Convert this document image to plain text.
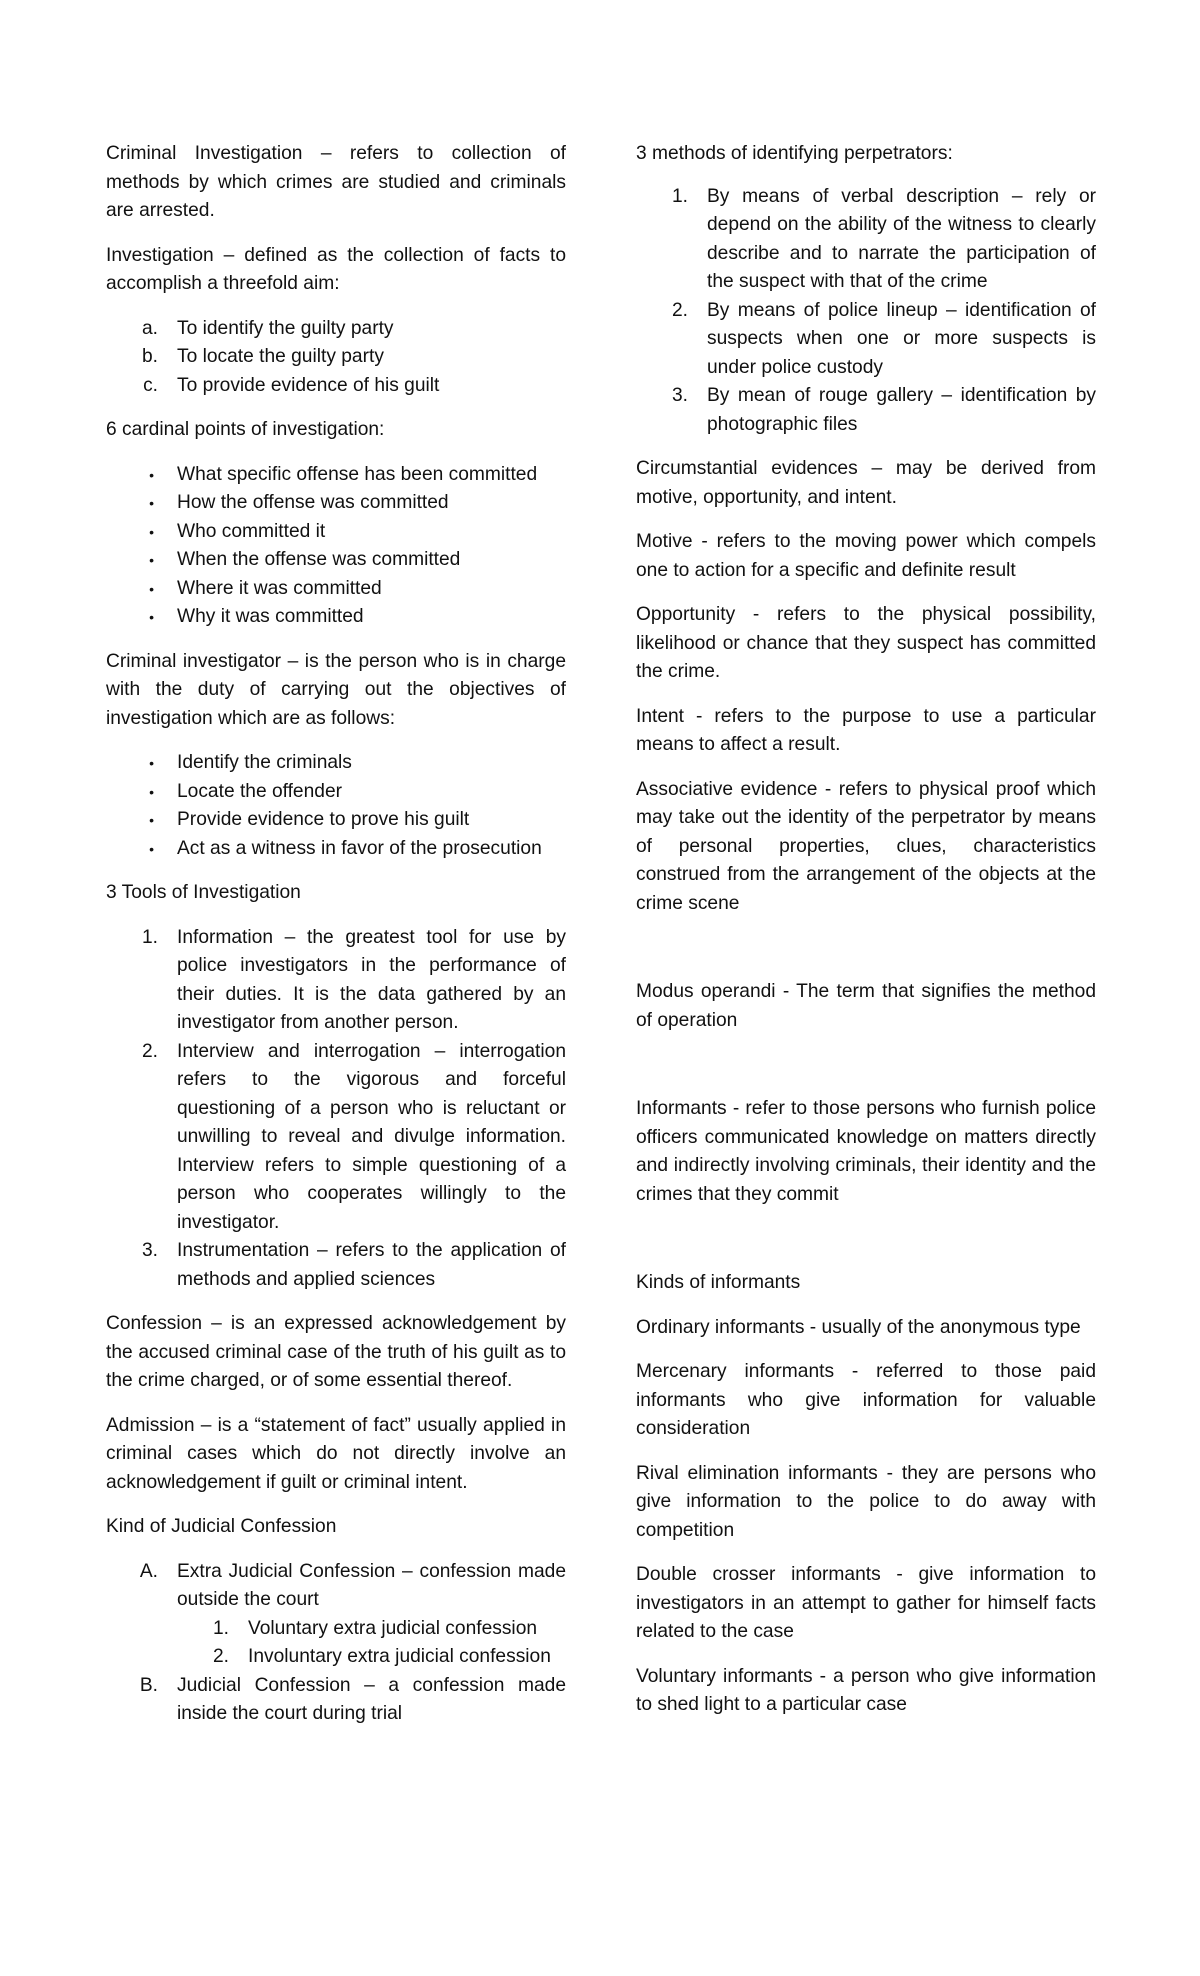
Criminal Investigation – refers to collection of methods by which crimes are studied and criminals are arrested.

Investigation – defined as the collection of facts to accomplish a threefold aim:

a. To identify the guilty party
b. To locate the guilty party
c. To provide evidence of his guilt

6 cardinal points of investigation:

• What specific offense has been committed
• How the offense was committed
• Who committed it
• When the offense was committed
• Where it was committed
• Why it was committed

Criminal investigator – is the person who is in charge with the duty of carrying out the objectives of investigation which are as follows:

• Identify the criminals
• Locate the offender
• Provide evidence to prove his guilt
• Act as a witness in favor of the prosecution

3 Tools of Investigation

1. Information – the greatest tool for use by police investigators in the performance of their duties. It is the data gathered by an investigator from another person.
2. Interview and interrogation – interrogation refers to the vigorous and forceful questioning of a person who is reluctant or unwilling to reveal and divulge information. Interview refers to simple questioning of a person who cooperates willingly to the investigator.
3. Instrumentation – refers to the application of methods and applied sciences

Confession – is an expressed acknowledgement by the accused criminal case of the truth of his guilt as to the crime charged, or of some essential thereof.

Admission – is a “statement of fact” usually applied in criminal cases which do not directly involve an acknowledgement if guilt or criminal intent.

Kind of Judicial Confession

A. Extra Judicial Confession – confession made outside the court
1. Voluntary extra judicial confession
2. Involuntary extra judicial confession
B. Judicial Confession – a confession made inside the court during trial

3 methods of identifying perpetrators:

1. By means of verbal description – rely or depend on the ability of the witness to clearly describe and to narrate the participation of the suspect with that of the crime
2. By means of police lineup – identification of suspects when one or more suspects is under police custody
3. By mean of rouge gallery – identification by photographic files

Circumstantial evidences – may be derived from motive, opportunity, and intent.

Motive - refers to the moving power which compels one to action for a specific and definite result

Opportunity - refers to the physical possibility, likelihood or chance that they suspect has committed the crime.

Intent - refers to the purpose to use a particular means to affect a result.

Associative evidence - refers to physical proof which may take out the identity of the perpetrator by means of personal properties, clues, characteristics construed from the arrangement of the objects at the crime scene

Modus operandi - The term that signifies the method of operation

Informants - refer to those persons who furnish police officers communicated knowledge on matters directly and indirectly involving criminals, their identity and the crimes that they commit

Kinds of informants

Ordinary informants - usually of the anonymous type

Mercenary informants - referred to those paid informants who give information for valuable consideration

Rival elimination informants - they are persons who give information to the police to do away with competition

Double crosser informants - give information to investigators in an attempt to gather for himself facts related to the case

Voluntary informants - a person who give information to shed light to a particular case
